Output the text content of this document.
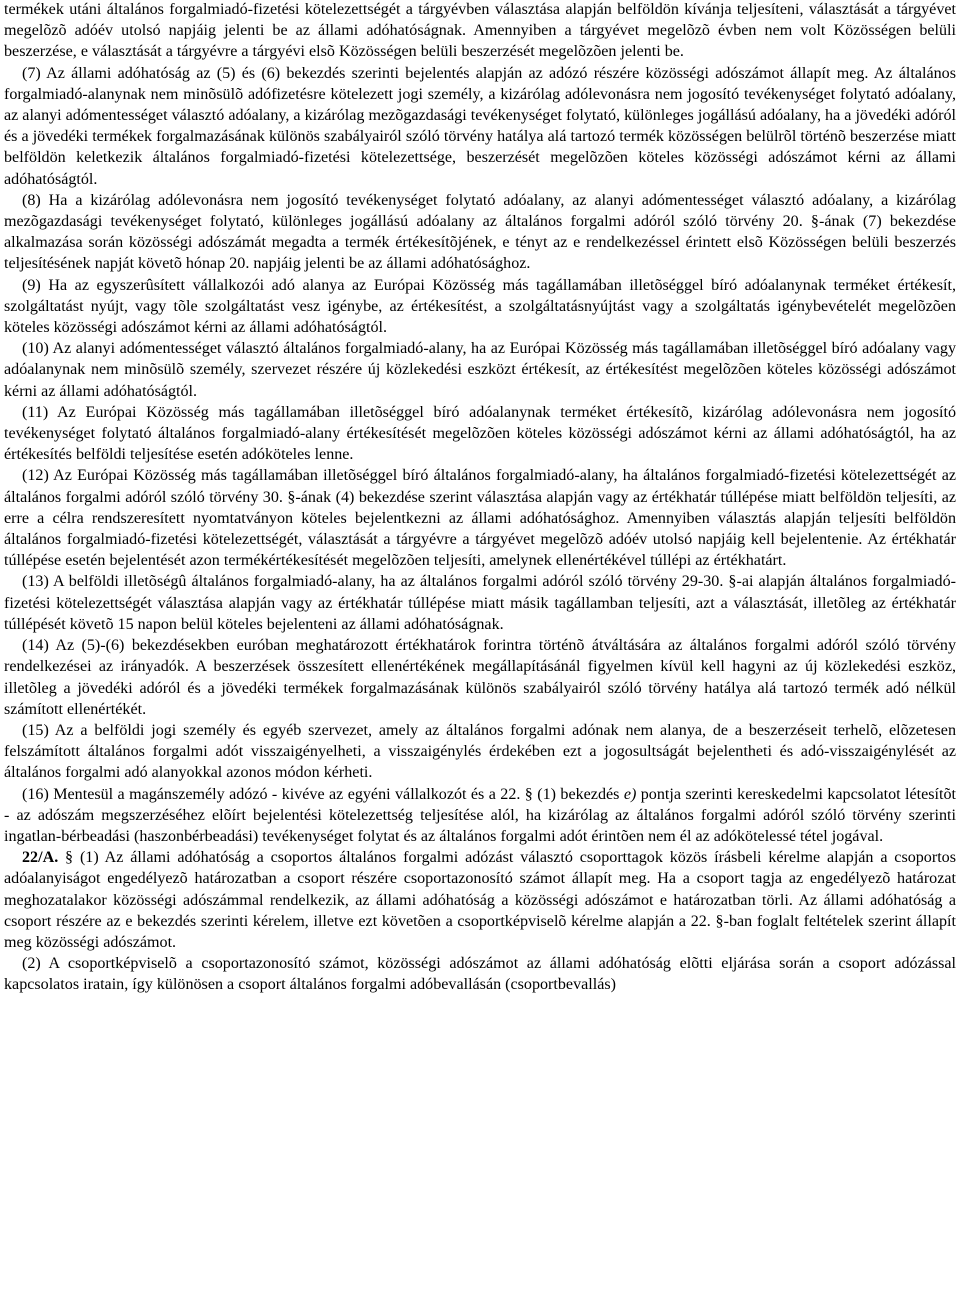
termékek utáni általános forgalmiadó-fizetési kötelezettségét a tárgyévben választása alapján belföldön kívánja teljesíteni, választását a tárgyévet megelõzõ adóév utolsó napjáig jelenti be az állami adóhatóságnak. Amennyiben a tárgyévet megelõzõ évben nem volt Közösségen belüli beszerzése, e választását a tárgyévre a tárgyévi elsõ Közösségen belüli beszerzését megelõzõen jelenti be.

(7) Az állami adóhatóság az (5) és (6) bekezdés szerinti bejelentés alapján az adózó részére közösségi adószámot állapít meg. Az általános forgalmiadó-alanynak nem minõsülõ adófizetésre kötelezett jogi személy, a kizárólag adólevonásra nem jogosító tevékenységet folytató adóalany, az alanyi adómentességet választó adóalany, a kizárólag mezõgazdasági tevékenységet folytató, különleges jogállású adóalany, ha a jövedéki adóról és a jövedéki termékek forgalmazásának különös szabályairól szóló törvény hatálya alá tartozó termék közösségen belülrõl történõ beszerzése miatt belföldön keletkezik általános forgalmiadó-fizetési kötelezettsége, beszerzését megelõzõen köteles közösségi adószámot kérni az állami adóhatóságtól.

(8) Ha a kizárólag adólevonásra nem jogosító tevékenységet folytató adóalany, az alanyi adómentességet választó adóalany, a kizárólag mezõgazdasági tevékenységet folytató, különleges jogállású adóalany az általános forgalmi adóról szóló törvény 20. §-ának (7) bekezdése alkalmazása során közösségi adószámát megadta a termék értékesítõjének, e tényt az e rendelkezéssel érintett elsõ Közösségen belüli beszerzés teljesítésének napját követõ hónap 20. napjáig jelenti be az állami adóhatósághoz.

(9) Ha az egyszerûsített vállalkozói adó alanya az Európai Közösség más tagállamában illetõséggel bíró adóalanynak terméket értékesít, szolgáltatást nyújt, vagy tõle szolgáltatást vesz igénybe, az értékesítést, a szolgáltatásnyújtást vagy a szolgáltatás igénybevételét megelõzõen köteles közösségi adószámot kérni az állami adóhatóságtól.

(10) Az alanyi adómentességet választó általános forgalmiadó-alany, ha az Európai Közösség más tagállamában illetõséggel bíró adóalany vagy adóalanynak nem minõsülõ személy, szervezet részére új közlekedési eszközt értékesít, az értékesítést megelõzõen köteles közösségi adószámot kérni az állami adóhatóságtól.

(11) Az Európai Közösség más tagállamában illetõséggel bíró adóalanynak terméket értékesítõ, kizárólag adólevonásra nem jogosító tevékenységet folytató általános forgalmiadó-alany értékesítését megelõzõen köteles közösségi adószámot kérni az állami adóhatóságtól, ha az értékesítés belföldi teljesítése esetén adóköteles lenne.

(12) Az Európai Közösség más tagállamában illetõséggel bíró általános forgalmiadó-alany, ha általános forgalmiadó-fizetési kötelezettségét az általános forgalmi adóról szóló törvény 30. §-ának (4) bekezdése szerint választása alapján vagy az értékhatár túllépése miatt belföldön teljesíti, az erre a célra rendszeresített nyomtatványon köteles bejelentkezni az állami adóhatósághoz. Amennyiben választás alapján teljesíti belföldön általános forgalmiadó-fizetési kötelezettségét, választását a tárgyévre a tárgyévet megelõzõ adóév utolsó napjáig kell bejelentenie. Az értékhatár túllépése esetén bejelentését azon termékértékesítését megelõzõen teljesíti, amelynek ellenértékével túllépi az értékhatárt.

(13) A belföldi illetõségû általános forgalmiadó-alany, ha az általános forgalmi adóról szóló törvény 29-30. §-ai alapján általános forgalmiadó-fizetési kötelezettségét választása alapján vagy az értékhatár túllépése miatt másik tagállamban teljesíti, azt a választását, illetõleg az értékhatár túllépését követõ 15 napon belül köteles bejelenteni az állami adóhatóságnak.

(14) Az (5)-(6) bekezdésekben euróban meghatározott értékhatárok forintra történõ átváltására az általános forgalmi adóról szóló törvény rendelkezései az irányadók. A beszerzések összesített ellenértékének megállapításánál figyelmen kívül kell hagyni az új közlekedési eszköz, illetõleg a jövedéki adóról és a jövedéki termékek forgalmazásának különös szabályairól szóló törvény hatálya alá tartozó termék adó nélkül számított ellenértékét.

(15) Az a belföldi jogi személy és egyéb szervezet, amely az általános forgalmi adónak nem alanya, de a beszerzéseit terhelõ, elõzetesen felszámított általános forgalmi adót visszaigényelheti, a visszaigénylés érdekében ezt a jogosultságát bejelentheti és adó-visszaigénylését az általános forgalmi adó alanyokkal azonos módon kérheti.

(16) Mentesül a magánszemély adózó - kivéve az egyéni vállalkozót és a 22. § (1) bekezdés e) pontja szerinti kereskedelmi kapcsolatot létesítõt - az adószám megszerzéséhez elõírt bejelentési kötelezettség teljesítése alól, ha kizárólag az általános forgalmi adóról szóló törvény szerinti ingatlan-bérbeadási (haszonbérbeadási) tevékenységet folytat és az általános forgalmi adót érintõen nem él az adókötelessé tétel jogával.

22/A. § (1) Az állami adóhatóság a csoportos általános forgalmi adózást választó csoporttagok közös írásbeli kérelme alapján a csoportos adóalanyiságot engedélyezõ határozatban a csoport részére csoportazonosító számot állapít meg. Ha a csoport tagja az engedélyezõ határozat meghozatalakor közösségi adószámmal rendelkezik, az állami adóhatóság a közösségi adószámot e határozatban törli. Az állami adóhatóság a csoport részére az e bekezdés szerinti kérelem, illetve ezt követõen a csoportképviselõ kérelme alapján a 22. §-ban foglalt feltételek szerint állapít meg közösségi adószámot.

(2) A csoportképviselõ a csoportazonosító számot, közösségi adószámot az állami adóhatóság elõtti eljárása során a csoport adózással kapcsolatos iratain, így különösen a csoport általános forgalmi adóbevallásán (csoportbevallás)
